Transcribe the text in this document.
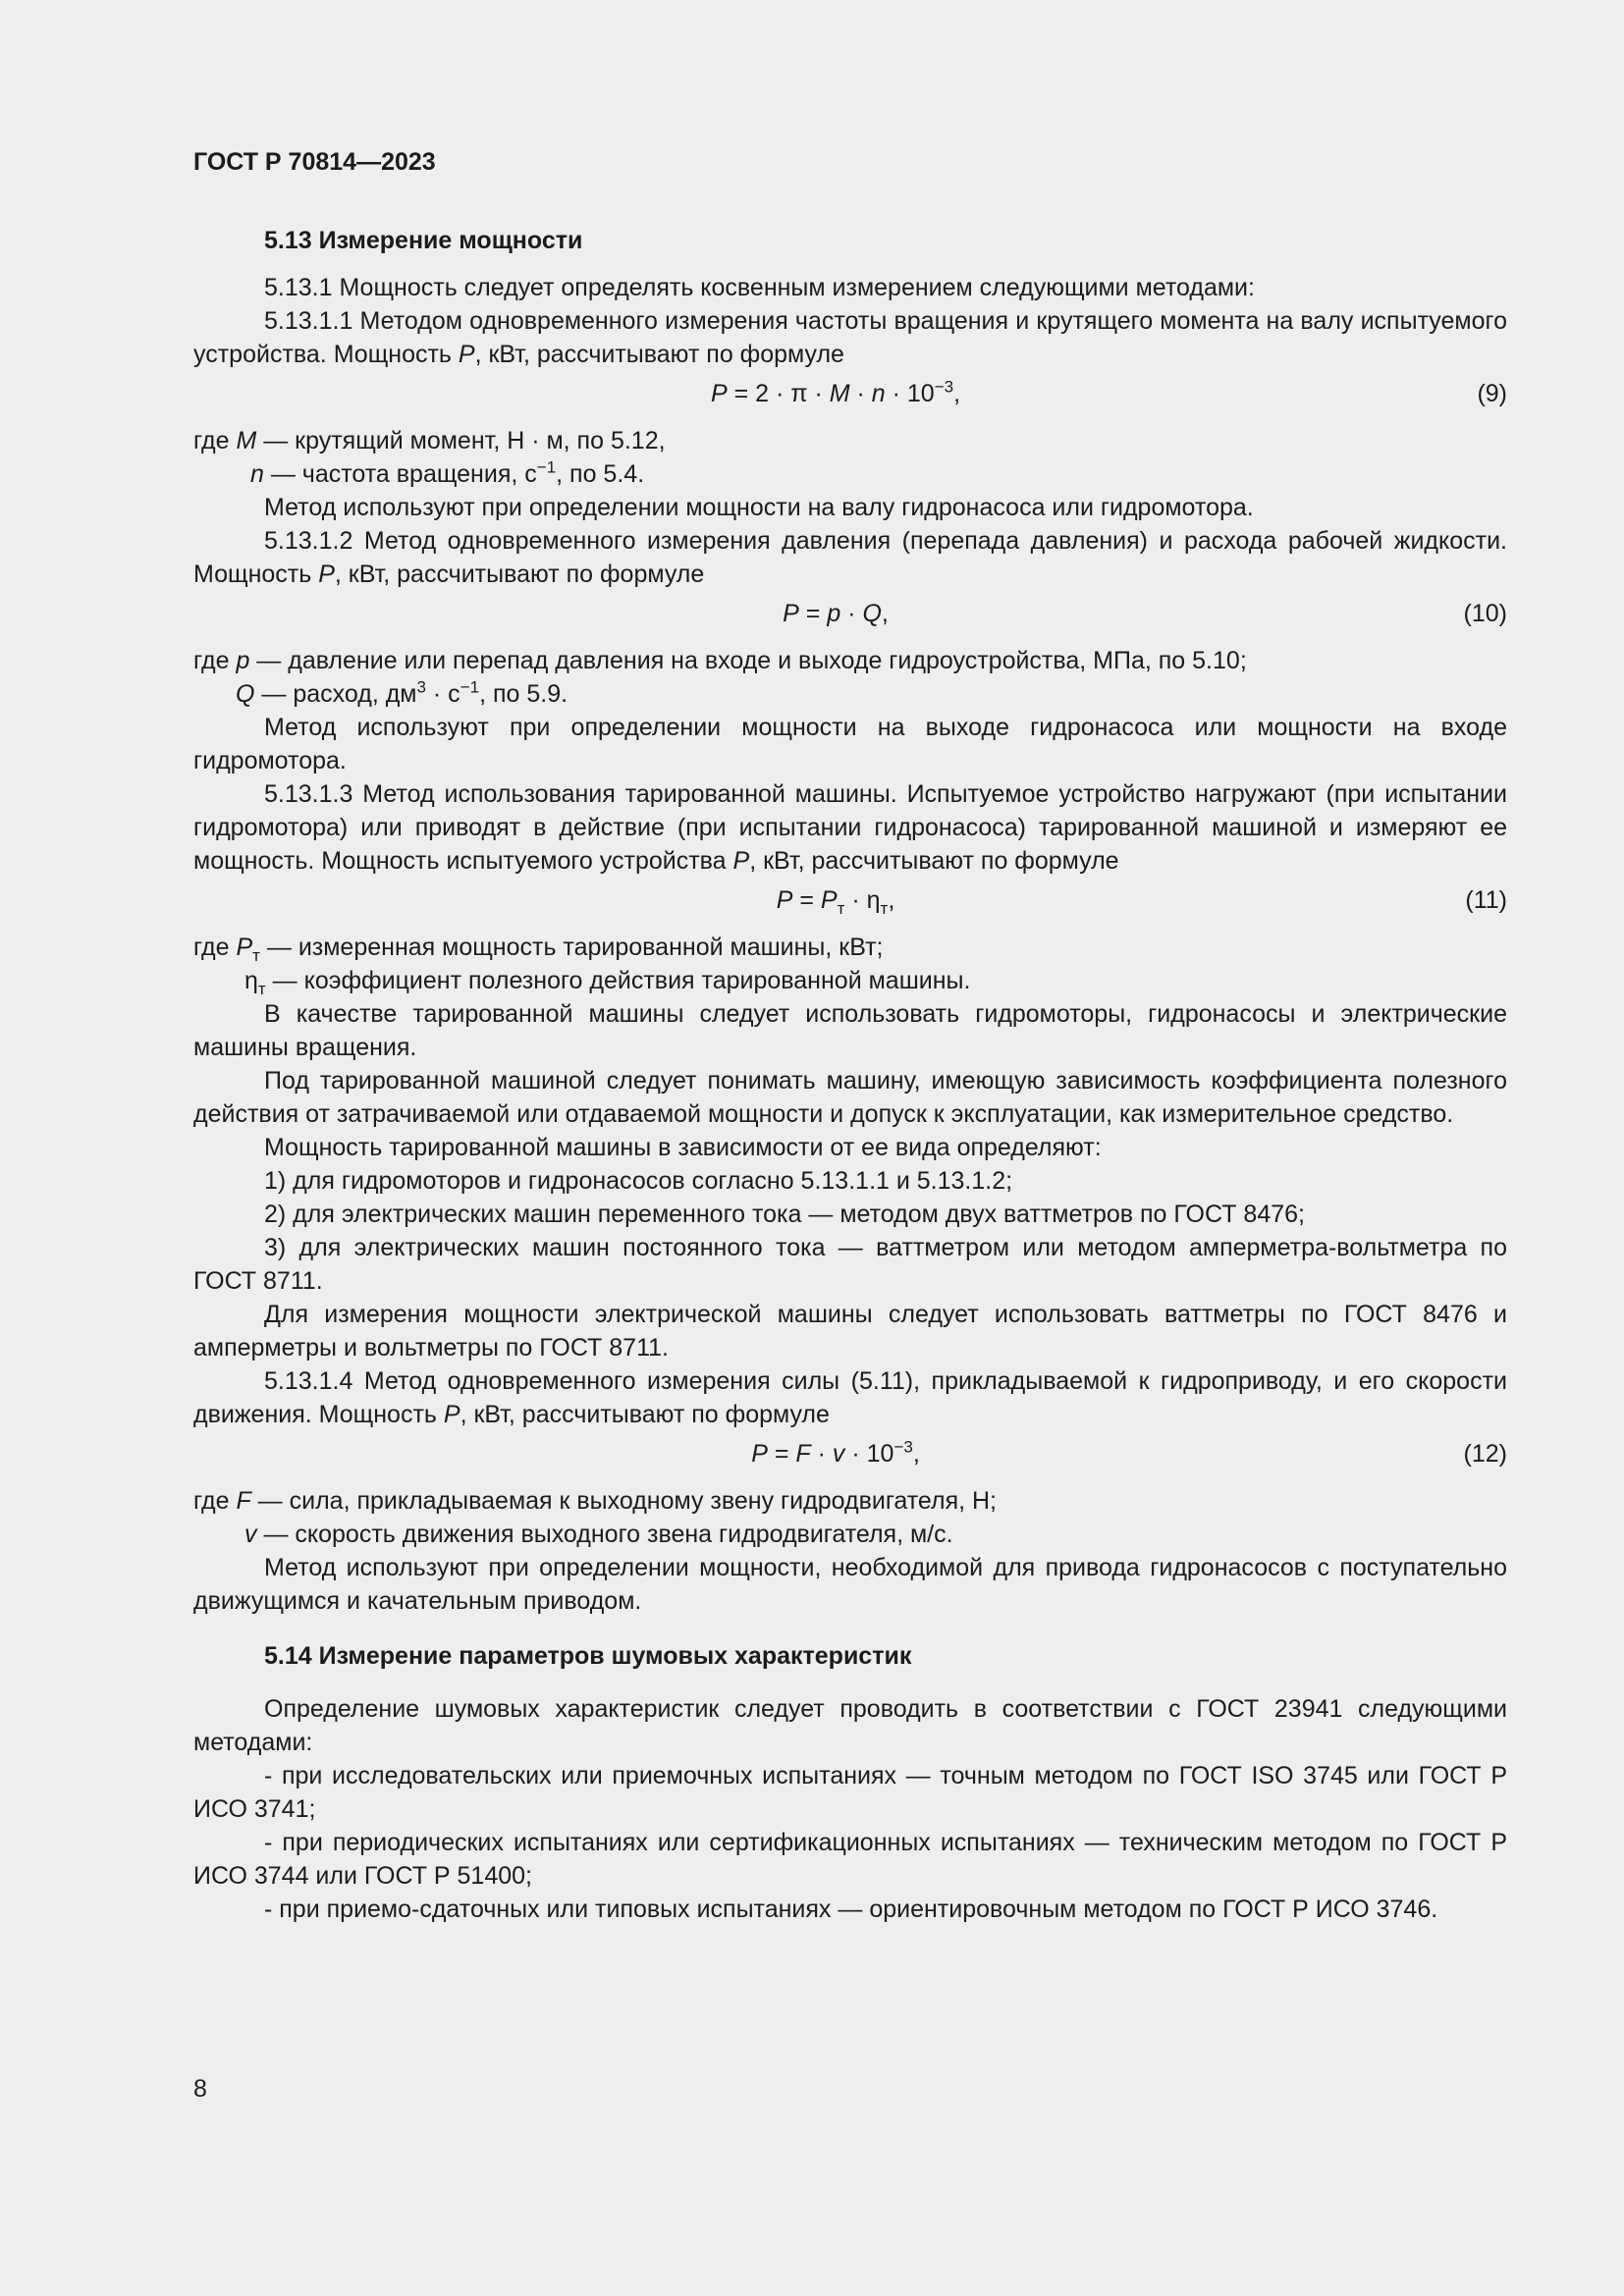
ГОСТ Р 70814—2023

5.13 Измерение мощности

5.13.1 Мощность следует определять косвенным измерением следующими методами:

5.13.1.1 Методом одновременного измерения частоты вращения и крутящего момента на валу испытуемого устройства. Мощность P, кВт, рассчитывают по формуле

$P = 2 \cdot \pi \cdot M \cdot n \cdot 10^{-3}$,	(9)

где M — крутящий момент, Н · м, по 5.12,

n — частота вращения, $с^{-1}$, по 5.4.

Метод используют при определении мощности на валу гидронасоса или гидромотора.

5.13.1.2 Метод одновременного измерения давления (перепада давления) и расхода рабочей жидкости. Мощность P, кВт, рассчитывают по формуле

P = p · Q,	(10)

где p — давление или перепад давления на входе и выходе гидроустройства, МПа, по 5.10;

Q — расход, $дм^3 \cdot с^{-1}$, по 5.9.

Метод используют при определении мощности на выходе гидронасоса или мощности на входе гидромотора.

5.13.1.3 Метод использования тарированной машины. Испытуемое устройство нагружают (при испытании гидромотора) или приводят в действие (при испытании гидронасоса) тарированной машиной и измеряют ее мощность. Мощность испытуемого устройства P, кВт, рассчитывают по формуле

$P = P_т \cdot \eta_т$,	(11)

где $P_т$ — измеренная мощность тарированной машины, кВт;

$\eta_т$ — коэффициент полезного действия тарированной машины.

В качестве тарированной машины следует использовать гидромоторы, гидронасосы и электрические машины вращения.

Под тарированной машиной следует понимать машину, имеющую зависимость коэффициента полезного действия от затрачиваемой или отдаваемой мощности и допуск к эксплуатации, как измерительное средство.

Мощность тарированной машины в зависимости от ее вида определяют:

1) для гидромоторов и гидронасосов согласно 5.13.1.1 и 5.13.1.2;

2) для электрических машин переменного тока — методом двух ваттметров по ГОСТ 8476;

3) для электрических машин постоянного тока — ваттметром или методом амперметра-вольтметра по ГОСТ 8711.

Для измерения мощности электрической машины следует использовать ваттметры по ГОСТ 8476 и амперметры и вольтметры по ГОСТ 8711.

5.13.1.4 Метод одновременного измерения силы (5.11), прикладываемой к гидроприводу, и его скорости движения. Мощность P, кВт, рассчитывают по формуле

$P = F \cdot v \cdot 10^{-3}$,	(12)

где F — сила, прикладываемая к выходному звену гидродвигателя, Н;

v — скорость движения выходного звена гидродвигателя, м/с.

Метод используют при определении мощности, необходимой для привода гидронасосов с поступательно движущимся и качательным приводом.

5.14 Измерение параметров шумовых характеристик

Определение шумовых характеристик следует проводить в соответствии с ГОСТ 23941 следующими методами:

- при исследовательских или приемочных испытаниях — точным методом по ГОСТ ISO 3745 или ГОСТ Р ИСО 3741;

- при периодических испытаниях или сертификационных испытаниях — техническим методом по ГОСТ Р ИСО 3744 или ГОСТ Р 51400;

- при приемо-сдаточных или типовых испытаниях — ориентировочным методом по ГОСТ Р ИСО 3746.

8
